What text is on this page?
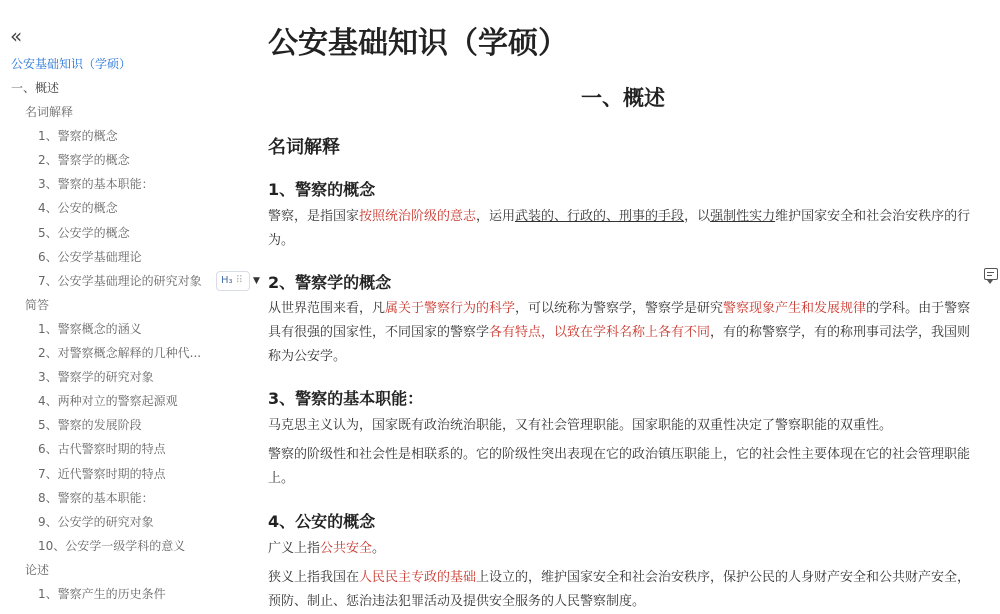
«
公安基础知识（学硕）
一、概述
名词解释
1、警察的概念
2、警察学的概念
3、警察的基本职能：
4、公安的概念
5、公安学的概念
6、公安学基础理论
7、公安学基础理论的研究对象
简答
1、警察概念的涵义
2、对警察概念解释的几种代...
3、警察学的研究对象
4、两种对立的警察起源观
5、警察的发展阶段
6、古代警察时期的特点
7、近代警察时期的特点
8、警察的基本职能：
9、公安学的研究对象
10、公安学一级学科的意义
论述
1、警察产生的历史条件
H₃ ⠿	▼
公安基础知识（学硕）
一、概述
名词解释
1、警察的概念

警察，是指国家按照统治阶级的意志，运用武装的、行政的、刑事的手段，以强制性实力维护国家安全和社会治安秩序的行为。

2、警察学的概念

从世界范围来看，凡属关于警察行为的科学，可以统称为警察学，警察学是研究警察现象产生和发展规律的学科。由于警察具有很强的国家性，不同国家的警察学各有特点，以致在学科名称上各有不同，有的称警察学，有的称刑事司法学，我国则称为公安学。

3、警察的基本职能：

马克思主义认为，国家既有政治统治职能，又有社会管理职能。国家职能的双重性决定了警察职能的双重性。

警察的阶级性和社会性是相联系的。它的阶级性突出表现在它的政治镇压职能上，它的社会性主要体现在它的社会管理职能上。

4、公安的概念

广义上指公共安全。

狭义上指我国在人民民主专政的基础上设立的，维护国家安全和社会治安秩序，保护公民的人身财产安全和公共财产安全，预防、制止、惩治违法犯罪活动及提供安全服务的人民警察制度。
